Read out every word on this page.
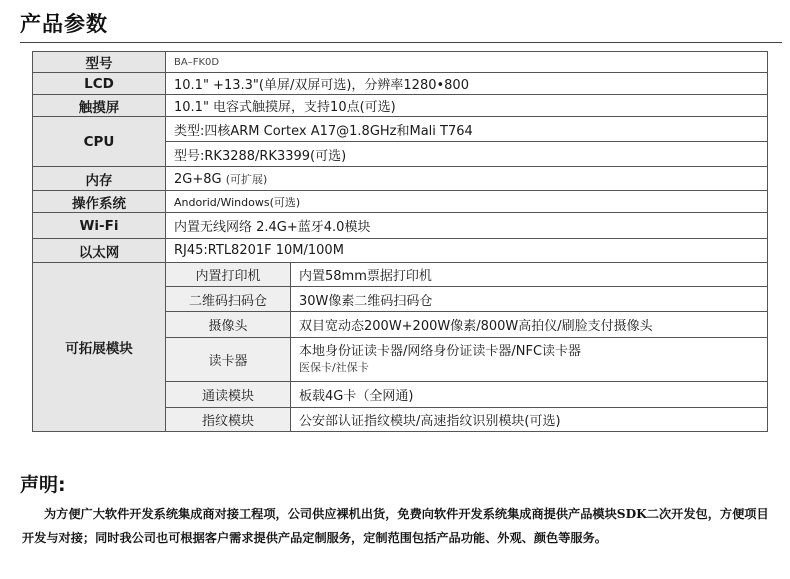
产品参数
型号	BA–FK0D	
LCD	10.1" +13.3"(单屏/双屏可选)，分辨率1280•800	
触摸屏	10.1" 电容式触摸屏，支持10点(可选)	
CPU	类型:四核ARM Cortex A17@1.8GHz和Mali T764	
	型号:RK3288/RK3399(可选)	
内存	2G+8G (可扩展)	
操作系统	Andorid/Windows(可选)	
Wi-Fi	内置无线网络 2.4G+蓝牙4.0模块	
以太网	RJ45:RTL8201F 10M/100M	
可拓展模块	内置打印机	内置58mm票据打印机
	二维码扫码仓	30W像素二维码扫码仓
	摄像头	双目宽动态200W+200W像素/800W高拍仪/刷脸支付摄像头
	读卡器	本地身份证读卡器/网络身份证读卡器/NFC读卡器
医保卡/社保卡

	通读模块	板载4G卡（全网通)
	指纹模块	公安部认证指纹模块/高速指纹识别模块(可选)
声明:
为方便广大软件开发系统集成商对接工程项，公司供应裸机出货，免费向软件开发系统集成商提供产品模块SDK二次开发包，方便项目开发与对接；同时我公司也可根据客户需求提供产品定制服务，定制范围包括产品功能、外观、颜色等服务。
